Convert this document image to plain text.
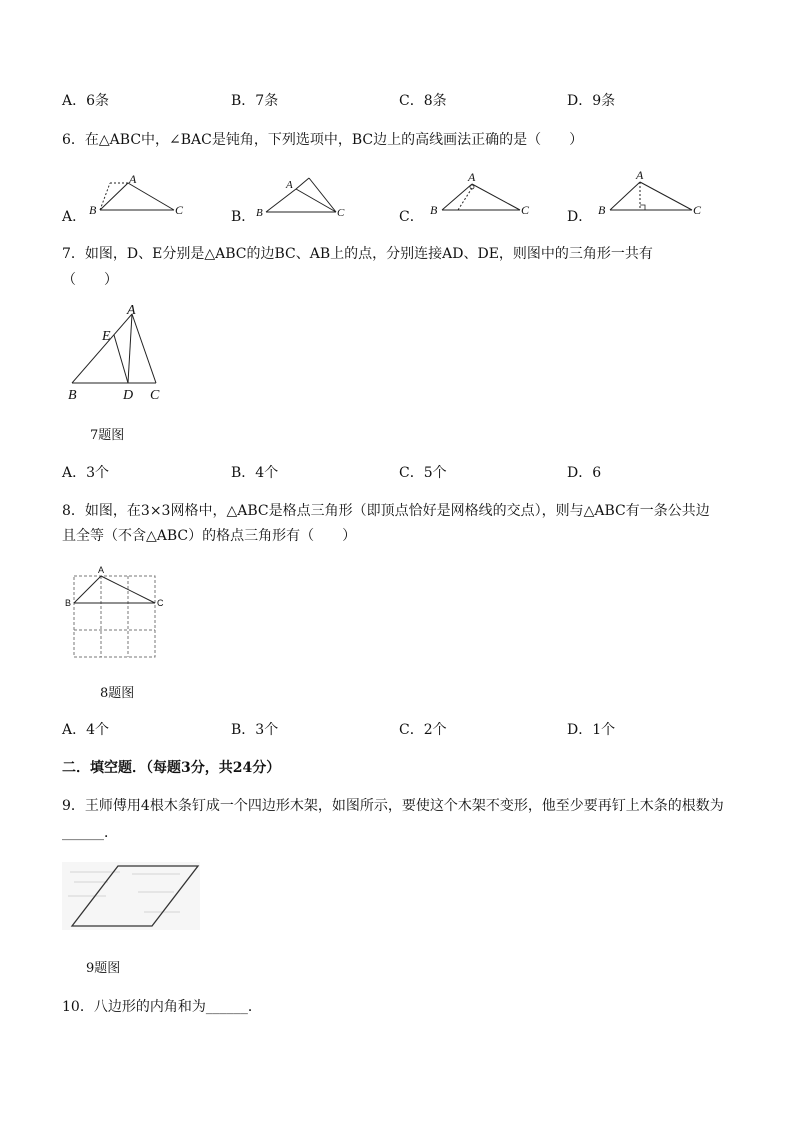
A．6条	B．7条	C．8条	D．9条
6．在△ABC中，∠BAC是钝角，下列选项中，BC边上的高线画法正确的是（　　）
A．
A
B	C	B．
A
B	C	C．
A
B	C	D．
A
B	C
7．如图，D、E分别是△ABC的边BC、AB上的点，分别连接AD、DE，则图中的三角形一共有
（　　）
A
E
B	D C
7题图
A．3个	B．4个	C．5个	D．6
8．如图，在3×3网格中，△ABC是格点三角形（即顶点恰好是网格线的交点），则与△ABC有一条公共边
且全等（不含△ABC）的格点三角形有（　　）
A
B	C
8题图
A．4个	B．3个	C．2个	D．1个
二．填空题．（每题3分，共24分）
9．王师傅用4根木条钉成一个四边形木架，如图所示，要使这个木架不变形，他至少要再钉上木条的根数为
______．
9题图
10．八边形的内角和为______．
